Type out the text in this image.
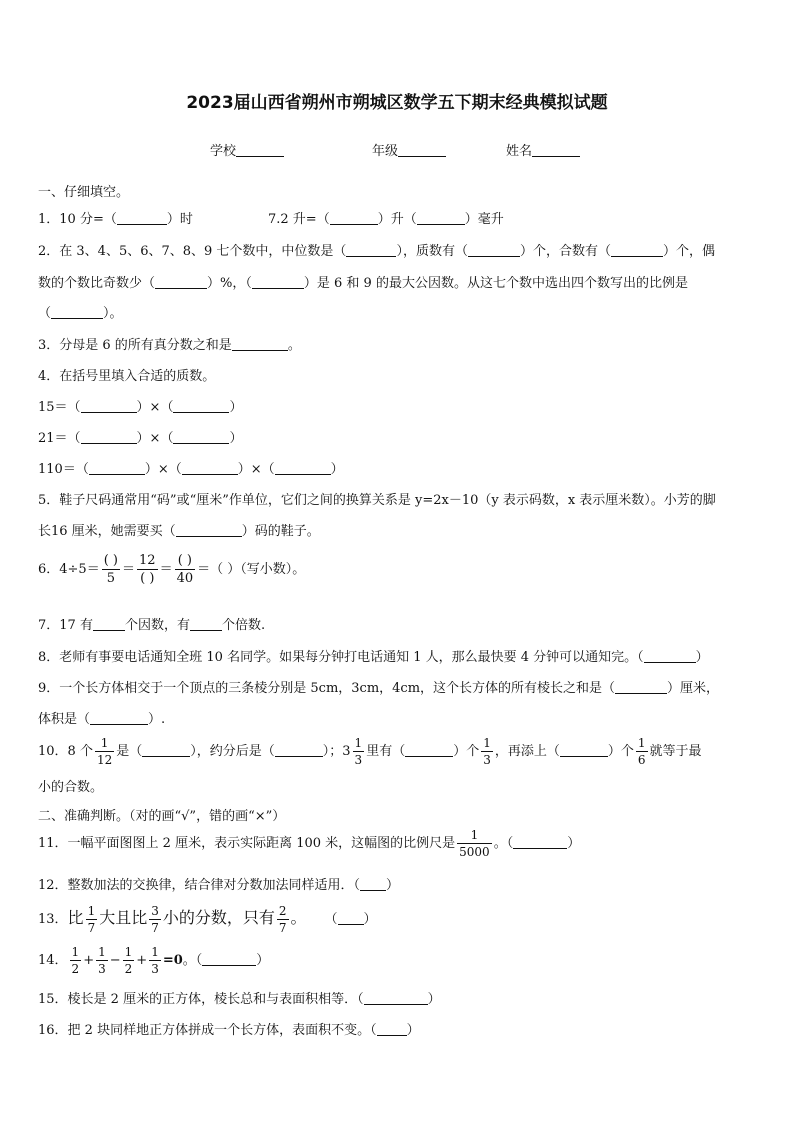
2023届山西省朔州市朔城区数学五下期末经典模拟试题
学校	年级	姓名
一、仔细填空。
1．10 分=（	）时	7.2 升=（	）升（	）毫升
2．在 3、4、5、6、7、8、9 七个数中，中位数是（	），质数有（	）个，合数有（	）个，偶
数的个数比奇数少（	）%，（	）是 6 和 9 的最大公因数。从这七个数中选出四个数写出的比例是
（	）。
3．分母是 6 的所有真分数之和是	。
4．在括号里填入合适的质数。
15＝（	）×（	）
21＝（	）×（	）
110＝（	）×（	）×（	）
5．鞋子尺码通常用“码”或“厘米”作单位，它们之间的换算关系是 y=2x－10（y 表示码数，x 表示厘米数）。小芳的脚
长16 厘米，她需要买（	）码的鞋子。
6．$4\div 5= \frac{( )}{5} = \frac{12}{( )} = \frac{( )}{40}$ ＝（ ）（写小数）。
7．17 有 个因数，有 个倍数.
8．老师有事要电话通知全班 10 名同学。如果每分钟打电话通知 1 人，那么最快要 4 分钟可以通知完。（	）
9．一个长方体相交于一个顶点的三条棱分别是 5cm，3cm，4cm，这个长方体的所有棱长之和是（	）厘米，
体积是（	）.
10．8 个 $\frac{1}{12}$ 是（	），约分后是（	）；$3 \frac{1}{3}$ 里有（	）个 $\frac{1}{3}$ ，再添上（	）个 $\frac{1}{6}$ 就等于最
小的合数。
二、准确判断。（对的画“√”，错的画“×”）
11．一幅平面图图上 2 厘米，表示实际距离 100 米，这幅图的比例尺是 $\frac{1}{5000}$ 。（	）
12．整数加法的交换律，结合律对分数加法同样适用．（ ）
13．比 $\frac{1}{7}$ 大且比 $\frac{3}{7}$ 小的分数，只有 $\frac{2}{7}$ 。 （ ）
14． $\frac{1}{2} + \frac{1}{3} - \frac{1}{2} + \frac{1}{3} =0$。（	）
15．棱长是 2 厘米的正方体，棱长总和与表面积相等．（	）
16．把 2 块同样地正方体拼成一个长方体，表面积不变。（ ）
